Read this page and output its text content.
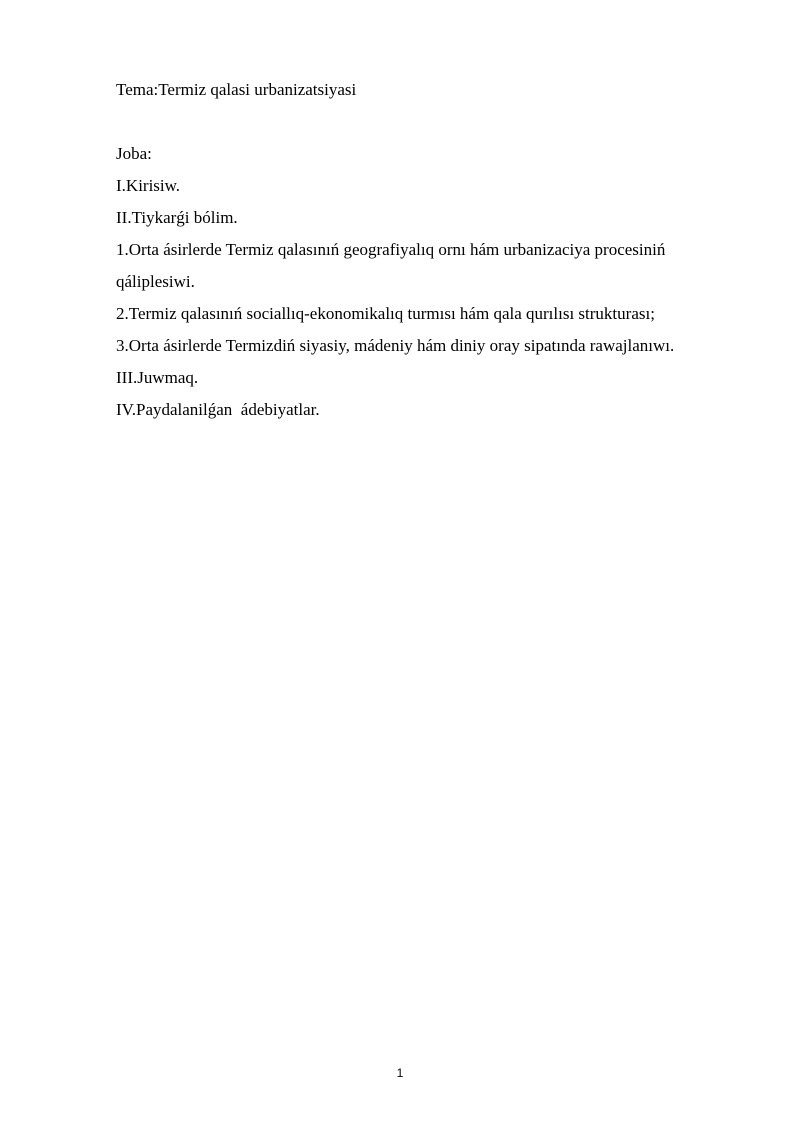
Tema:Termiz qalasi urbanizatsiyasi
Joba:
I.Kirisiw.
II.Tiykarǵi bólim.
1.Orta ásirlerde Termiz qalasınıń geografiyalıq ornı hám urbanizaciya procesiniń qáliplesiwi.
2.Termiz qalasınıń sociallıq-ekonomikalıq turmısı hám qala qurılısı strukturası;
3.Orta ásirlerde Termizdiń siyasiy, mádeniy hám diniy oray sipatında rawajlanıwı.
III.Juwmaq.
IV.Paydalanilǵan  ádebiyatlar.
1
